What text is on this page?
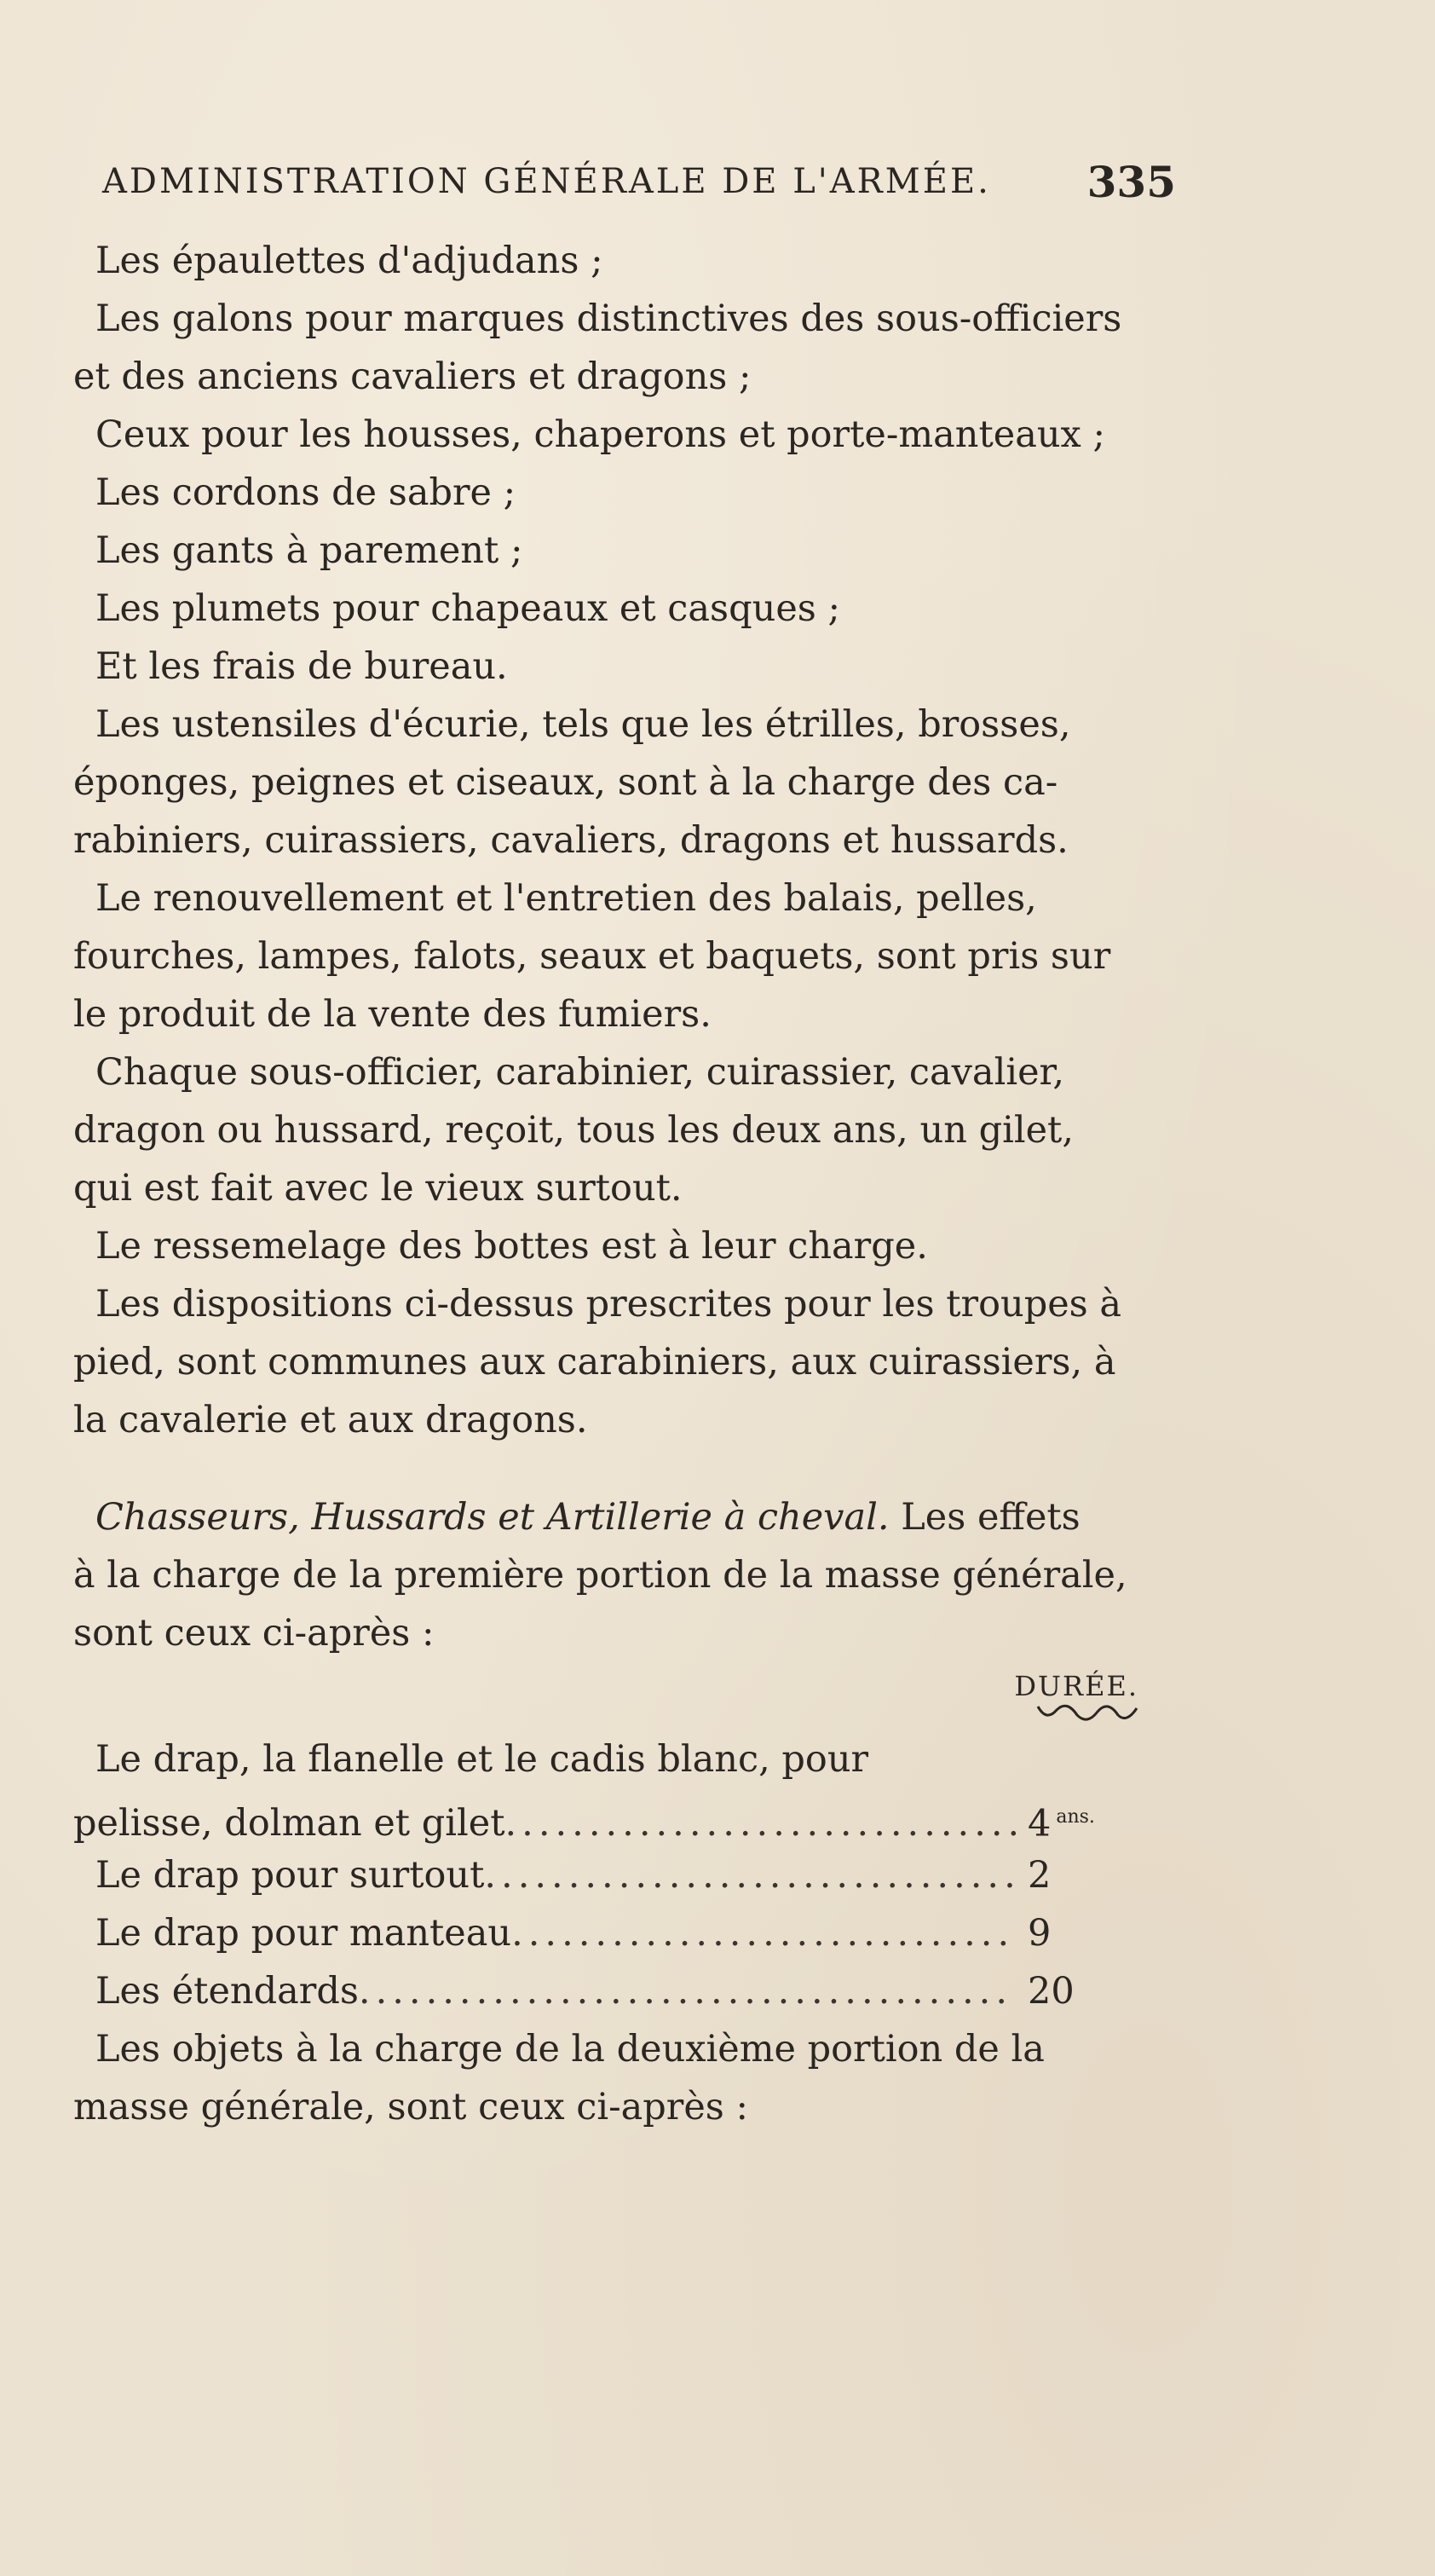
ADMINISTRATION GÉNÉRALE DE L'ARMÉE. 335
Les épaulettes d'adjudans ;
Les galons pour marques distinctives des sous-officiers
et des anciens cavaliers et dragons ;
Ceux pour les housses, chaperons et porte-manteaux ;
Les cordons de sabre ;
Les gants à parement ;
Les plumets pour chapeaux et casques ;
Et les frais de bureau.
Les ustensiles d'écurie, tels que les étrilles, brosses,
éponges, peignes et ciseaux, sont à la charge des ca-
rabiniers, cuirassiers, cavaliers, dragons et hussards.
Le renouvellement et l'entretien des balais, pelles,
fourches, lampes, falots, seaux et baquets, sont pris sur
le produit de la vente des fumiers.
Chaque sous-officier, carabinier, cuirassier, cavalier,
dragon ou hussard, reçoit, tous les deux ans, un gilet,
qui est fait avec le vieux surtout.
Le ressemelage des bottes est à leur charge.
Les dispositions ci-dessus prescrites pour les troupes à
pied, sont communes aux carabiniers, aux cuirassiers, à
la cavalerie et aux dragons.
Chasseurs, Hussards et Artillerie à cheval. Les effets
à la charge de la première portion de la masse générale,
sont ceux ci-après :
DURÉE.
Le drap, la flanelle et le cadis blanc, pour
pelisse, dolman et gilet .....	4 $^{ans.}$
Le drap pour surtout .....	2
Le drap pour manteau .....	9
Les étendards .....	20
Les objets à la charge de la deuxième portion de la
masse générale, sont ceux ci-après :
